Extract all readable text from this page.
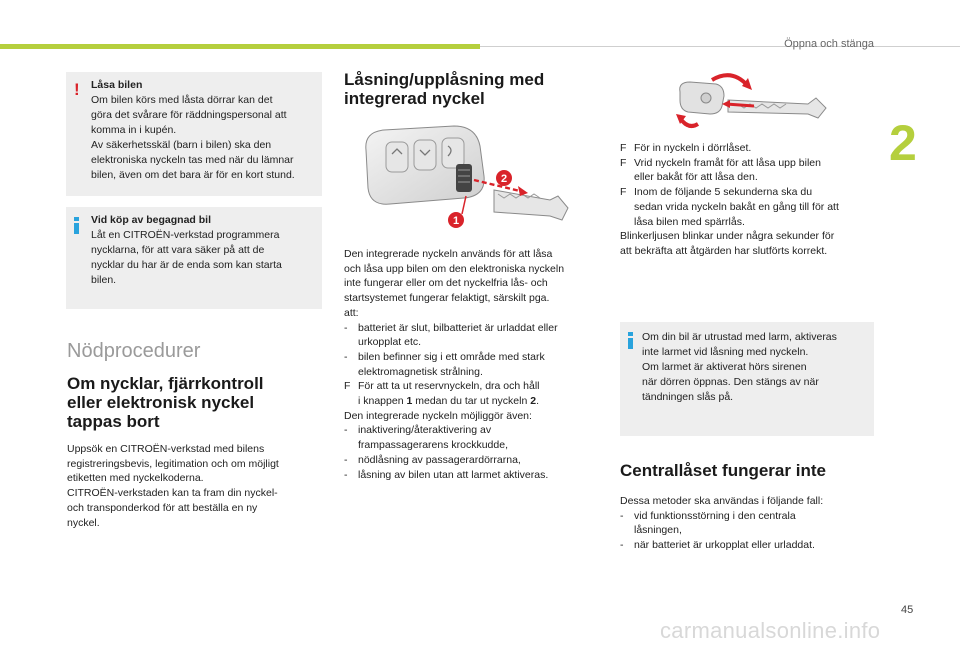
Öppna och stänga
2
45
carmanualsonline.info
! Låsa bilen

Om bilen körs med låsta dörrar kan det

göra det svårare för räddningspersonal att

komma in i kupén.

Av säkerhetsskäl (barn i bilen) ska den

elektroniska nyckeln tas med när du lämnar

bilen, även om det bara är för en kort stund.

Vid köp av begagnad bil

Låt en CITROËN-verkstad programmera

nycklarna, för att vara säker på att de

nycklar du har är de enda som kan starta

bilen.

Nödprocedurer
Om nycklar, fjärrkontroll
eller elektronisk nyckel
tappas bort
Uppsök en CITROËN-verkstad med bilens
registreringsbevis, legitimation och om möjligt
etiketten med nyckelkoderna.
CITROËN-verkstaden kan ta fram din nyckel-
och transponderkod för att beställa en ny
nyckel.
Låsning/upplåsning med
integrerad nyckel
2
1
Den integrerade nyckeln används för att låsa
och låsa upp bilen om den elektroniska nyckeln
inte fungerar eller om det nyckelfria lås- och
startsystemet fungerar felaktigt, särskilt pga.
att:
- batteriet är slut, bilbatteriet är urladdat eller
urkopplat etc.
- bilen befinner sig i ett område med stark
elektromagnetisk strålning.
F För att ta ut reservnyckeln, dra och håll
i knappen 1 medan du tar ut nyckeln 2.
Den integrerade nyckeln möjliggör även:
- inaktivering/återaktivering av
frampassagerarens krockkudde,
- nödlåsning av passagerardörrarna,
- låsning av bilen utan att larmet aktiveras.
F För in nyckeln i dörrlåset.
F Vrid nyckeln framåt för att låsa upp bilen
eller bakåt för att låsa den.
F Inom de följande 5 sekunderna ska du
sedan vrida nyckeln bakåt en gång till för att
låsa bilen med spärrlås.
Blinkerljusen blinkar under några sekunder för
att bekräfta att åtgärden har slutförts korrekt.

Om din bil är utrustad med larm, aktiveras

inte larmet vid låsning med nyckeln.

Om larmet är aktiverat hörs sirenen

när dörren öppnas. Den stängs av när

tändningen slås på.

Centrallåset fungerar inte
Dessa metoder ska användas i följande fall:
- vid funktionsstörning i den centrala
låsningen,
- när batteriet är urkopplat eller urladdat.
